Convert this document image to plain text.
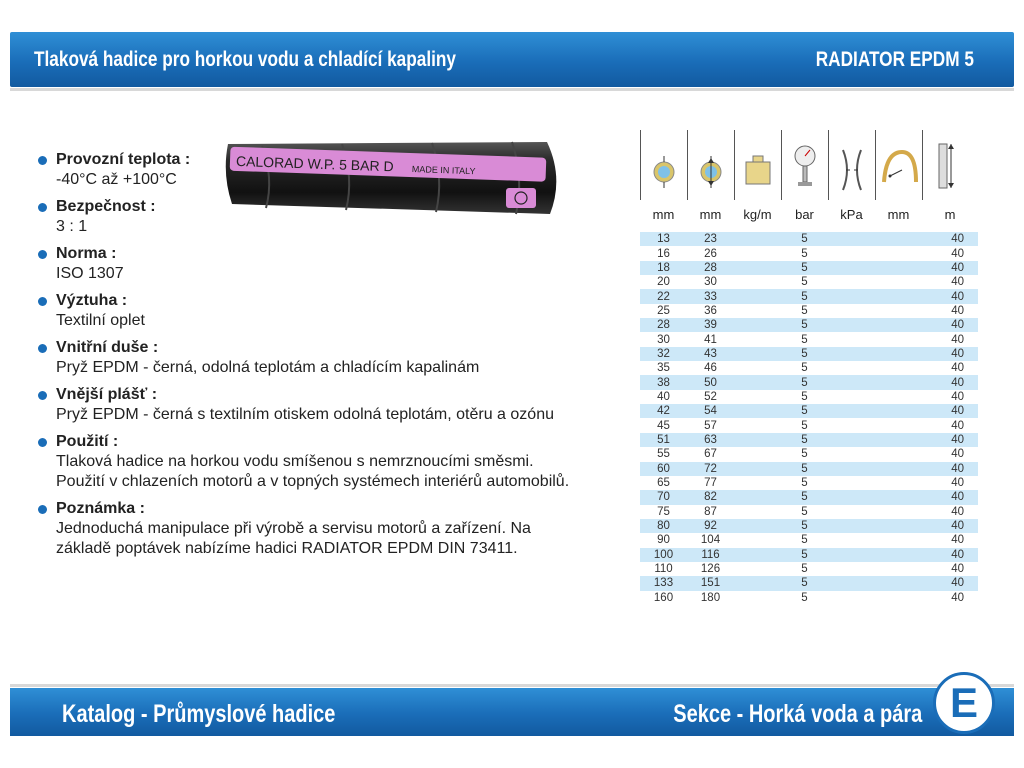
Tlaková hadice pro horkou vodu a chladící kapaliny	RADIATOR EPDM 5
CALORAD W.P. 5 BAR D MADE IN ITALY
Provozní teplota :
-40°C až +100°C
Bezpečnost :
3 : 1
Norma :
ISO 1307
Výztuha :
Textilní oplet
Vnitřní duše :
Pryž EPDM - černá, odolná teplotám a chladícím kapalinám
Vnější plášť :
Pryž EPDM - černá s textilním otiskem odolná teplotám, otěru a ozónu
Použití :
Tlaková hadice na horkou vodu smíšenou s nemrznoucími směsmi.
Použití v chlazeních motorů a v topných systémech interiérů automobilů.
Poznámka :
Jednoduchá manipulace při výrobě a servisu motorů a zařízení. Na
základě poptávek nabízíme hadici RADIATOR EPDM DIN 73411.
mm	mm	kg/m	bar	kPa	mm	m
13	23		5			40
16	26		5			40
18	28		5			40
20	30		5			40
22	33		5			40
25	36		5			40
28	39		5			40
30	41		5			40
32	43		5			40
35	46		5			40
38	50		5			40
40	52		5			40
42	54		5			40
45	57		5			40
51	63		5			40
55	67		5			40
60	72		5			40
65	77		5			40
70	82		5			40
75	87		5			40
80	92		5			40
90	104		5			40
100	116		5			40
110	126		5			40
133	151		5			40
160	180		5			40
Katalog - Průmyslové hadice	Sekce - Horká voda a pára E
